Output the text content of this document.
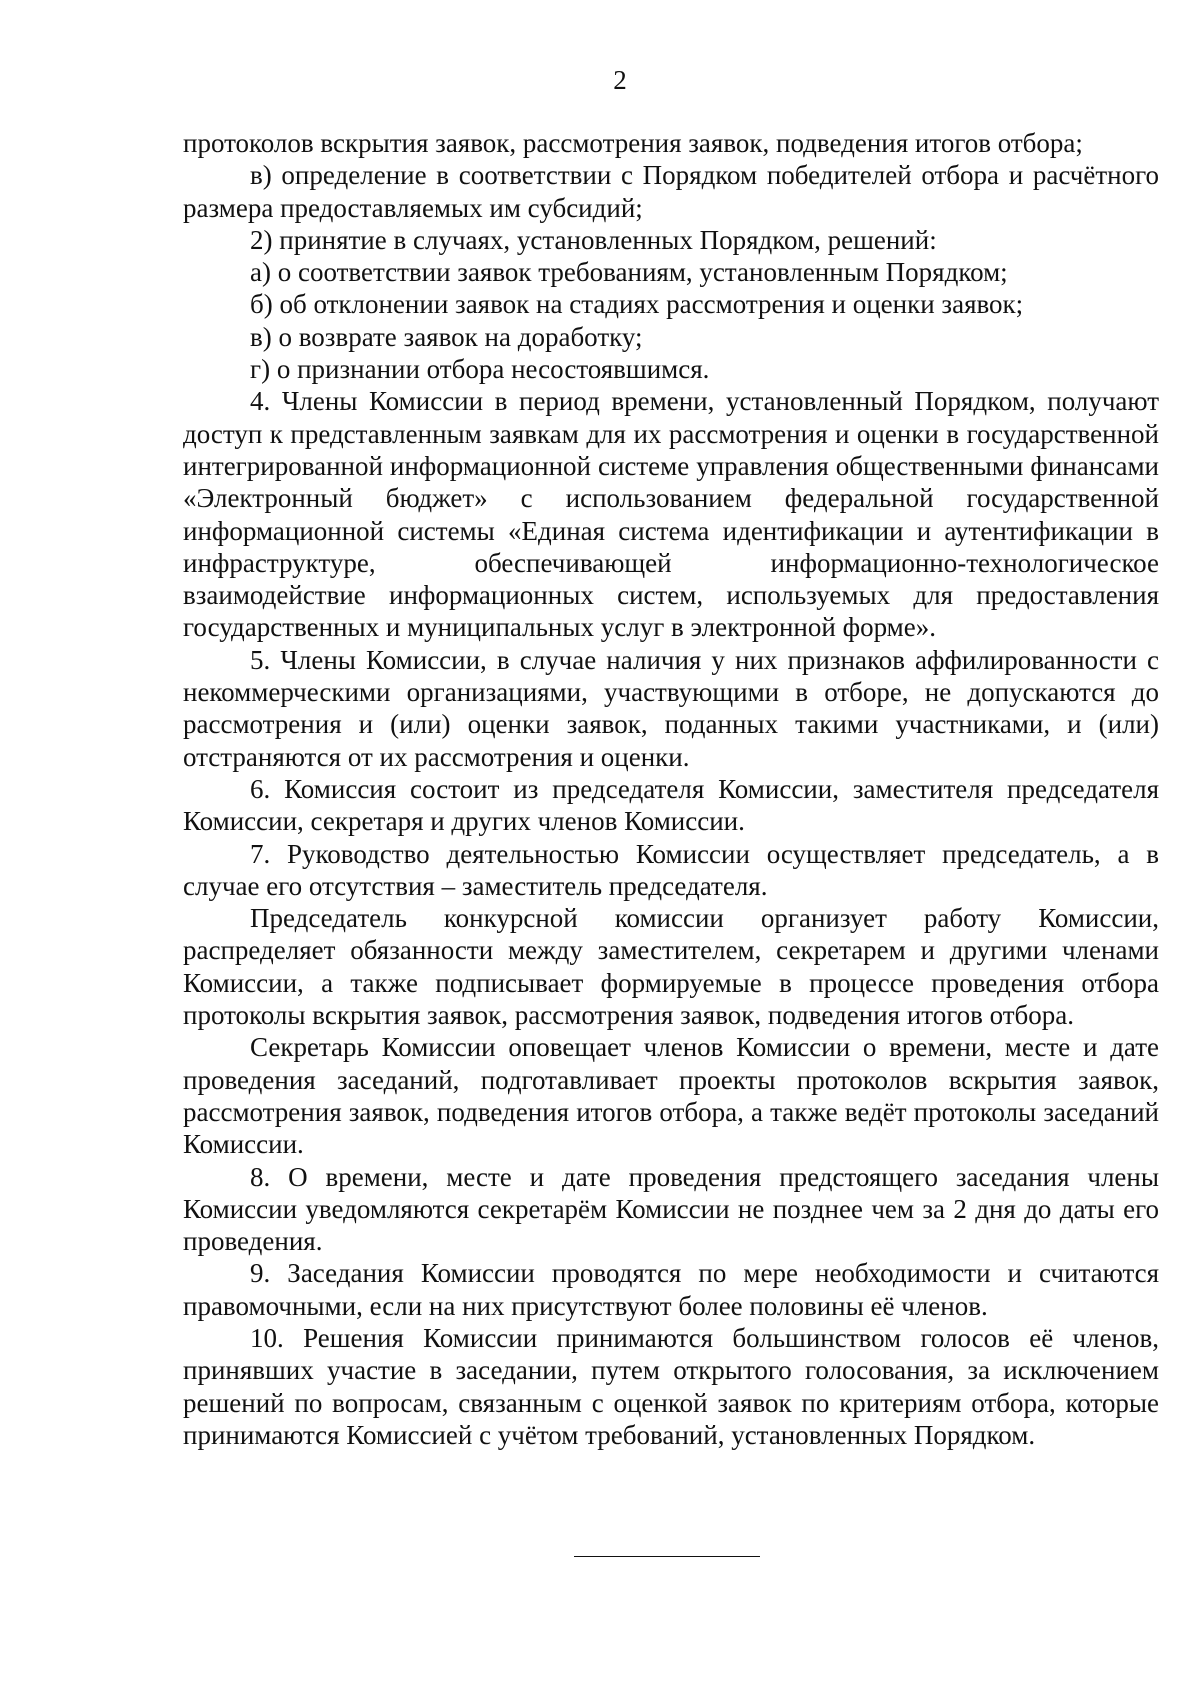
2

протоколов вскрытия заявок, рассмотрения заявок, подведения итогов отбора;

в) определение в соответствии с Порядком победителей отбора и расчётного размера предоставляемых им субсидий;

2) принятие в случаях, установленных Порядком, решений:

а) о соответствии заявок требованиям, установленным Порядком;

б) об отклонении заявок на стадиях рассмотрения и оценки заявок;

в) о возврате заявок на доработку;

г) о признании отбора несостоявшимся.

4. Члены Комиссии в период времени, установленный Порядком, получают доступ к представленным заявкам для их рассмотрения и оценки в государственной интегрированной информационной системе управления общественными финансами «Электронный бюджет» с использованием федеральной государственной информационной системы «Единая система идентификации и аутентификации в инфраструктуре, обеспечивающей информационно-технологическое взаимодействие информационных систем, используемых для предоставления государственных и муниципальных услуг в электронной форме».

5. Члены Комиссии, в случае наличия у них признаков аффилированности с некоммерческими организациями, участвующими в отборе, не допускаются до рассмотрения и (или) оценки заявок, поданных такими участниками, и (или) отстраняются от их рассмотрения и оценки.

6. Комиссия состоит из председателя Комиссии, заместителя председателя Комиссии, секретаря и других членов Комиссии.

7. Руководство деятельностью Комиссии осуществляет председатель, а в случае его отсутствия – заместитель председателя.

Председатель конкурсной комиссии организует работу Комиссии, распределяет обязанности между заместителем, секретарем и другими членами Комиссии, а также подписывает формируемые в процессе проведения отбора протоколы вскрытия заявок, рассмотрения заявок, подведения итогов отбора.

Секретарь Комиссии оповещает членов Комиссии о времени, месте и дате проведения заседаний, подготавливает проекты протоколов вскрытия заявок, рассмотрения заявок, подведения итогов отбора, а также ведёт протоколы заседаний Комиссии.

8. О времени, месте и дате проведения предстоящего заседания члены Комиссии уведомляются секретарём Комиссии не позднее чем за 2 дня до даты его проведения.

9. Заседания Комиссии проводятся по мере необходимости и считаются правомочными, если на них присутствуют более половины её членов.

10. Решения Комиссии принимаются большинством голосов её членов, принявших участие в заседании, путем открытого голосования, за исключением решений по вопросам, связанным с оценкой заявок по критериям отбора, которые принимаются Комиссией с учётом требований, установленных Порядком.
